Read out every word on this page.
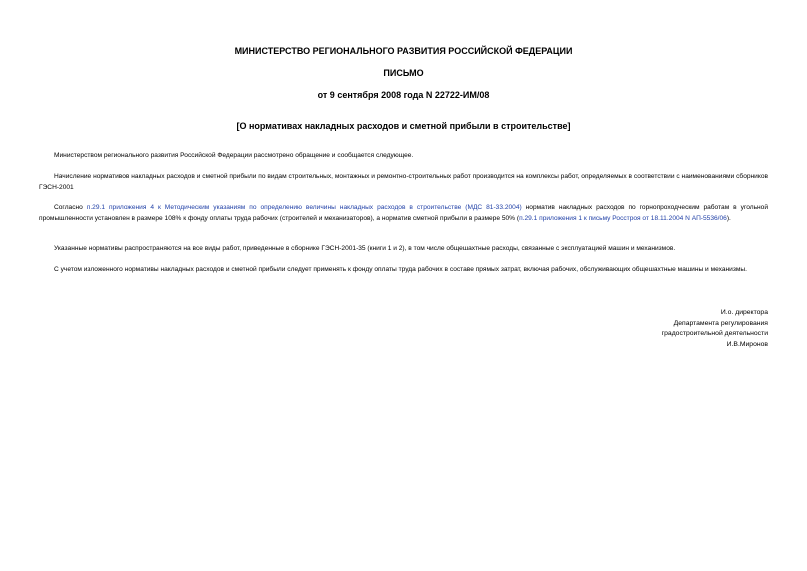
МИНИСТЕРСТВО РЕГИОНАЛЬНОГО РАЗВИТИЯ РОССИЙСКОЙ ФЕДЕРАЦИИ
ПИСЬМО
от 9 сентября 2008 года N 22722-ИМ/08
[О нормативах накладных расходов и сметной прибыли в строительстве]

Министерством регионального развития Российской Федерации рассмотрено обращение и сообщается следующее.

Начисление нормативов накладных расходов и сметной прибыли по видам строительных, монтажных и ремонтно-строительных работ производится на комплексы работ, определяемых в соответствии с наименованиями сборников ГЭСН-2001

Согласно п.29.1 приложения 4 к Методическим указаниям по определению величины накладных расходов в строительстве (МДС 81-33.2004) норматив накладных расходов по горнопроходческим работам в угольной промышленности установлен в размере 108% к фонду оплаты труда рабочих (строителей и механизаторов), а норматив сметной прибыли в размере 50% (п.29.1 приложения 1 к письму Росстроя от 18.11.2004 N АП-5536/06).

Указанные нормативы распространяются на все виды работ, приведенные в сборнике ГЭСН-2001-35 (книги 1 и 2), в том числе общешахтные расходы, связанные с эксплуатацией машин и механизмов.

С учетом изложенного нормативы накладных расходов и сметной прибыли следует применять к фонду оплаты труда рабочих в составе прямых затрат, включая рабочих, обслуживающих общешахтные машины и механизмы.

И.о. директора
Департамента регулирования
градостроительной деятельности
И.В.Миронов
